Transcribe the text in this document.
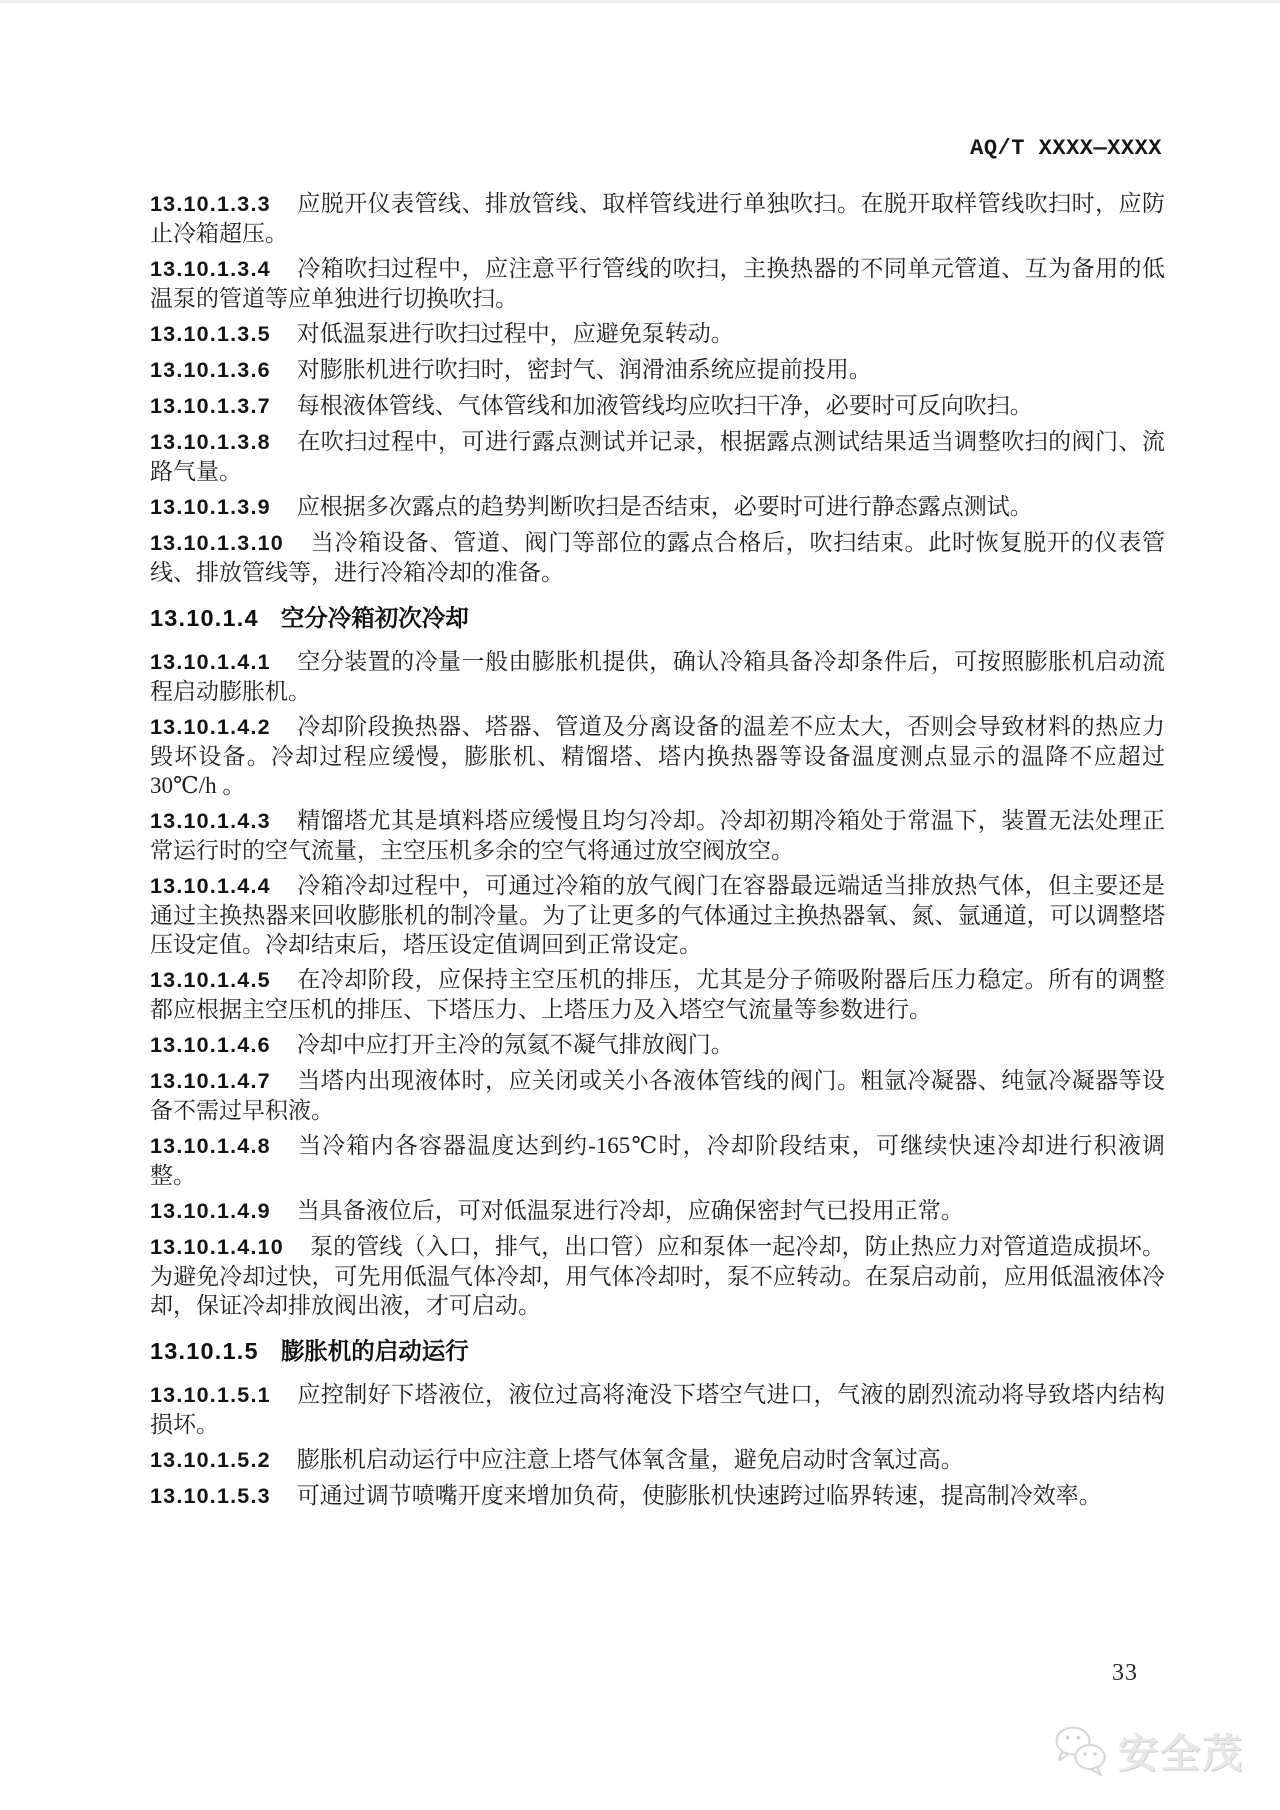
AQ/T XXXX—XXXX

13.10.1.3.3 应脱开仪表管线、排放管线、取样管线进行单独吹扫。在脱开取样管线吹扫时，应防止冷箱超压。

13.10.1.3.4 冷箱吹扫过程中，应注意平行管线的吹扫，主换热器的不同单元管道、互为备用的低温泵的管道等应单独进行切换吹扫。

13.10.1.3.5 对低温泵进行吹扫过程中，应避免泵转动。

13.10.1.3.6 对膨胀机进行吹扫时，密封气、润滑油系统应提前投用。

13.10.1.3.7 每根液体管线、气体管线和加液管线均应吹扫干净，必要时可反向吹扫。

13.10.1.3.8 在吹扫过程中，可进行露点测试并记录，根据露点测试结果适当调整吹扫的阀门、流路气量。

13.10.1.3.9 应根据多次露点的趋势判断吹扫是否结束，必要时可进行静态露点测试。

13.10.1.3.10 当冷箱设备、管道、阀门等部位的露点合格后，吹扫结束。此时恢复脱开的仪表管线、排放管线等，进行冷箱冷却的准备。

13.10.1.4 空分冷箱初次冷却

13.10.1.4.1 空分装置的冷量一般由膨胀机提供，确认冷箱具备冷却条件后，可按照膨胀机启动流程启动膨胀机。

13.10.1.4.2 冷却阶段换热器、塔器、管道及分离设备的温差不应太大，否则会导致材料的热应力毁坏设备。冷却过程应缓慢，膨胀机、精馏塔、塔内换热器等设备温度测点显示的温降不应超过 30℃/h 。

13.10.1.4.3 精馏塔尤其是填料塔应缓慢且均匀冷却。冷却初期冷箱处于常温下，装置无法处理正常运行时的空气流量，主空压机多余的空气将通过放空阀放空。

13.10.1.4.4 冷箱冷却过程中，可通过冷箱的放气阀门在容器最远端适当排放热气体，但主要还是通过主换热器来回收膨胀机的制冷量。为了让更多的气体通过主换热器氧、氮、氩通道，可以调整塔压设定值。冷却结束后，塔压设定值调回到正常设定。

13.10.1.4.5 在冷却阶段，应保持主空压机的排压，尤其是分子筛吸附器后压力稳定。所有的调整都应根据主空压机的排压、下塔压力、上塔压力及入塔空气流量等参数进行。

13.10.1.4.6 冷却中应打开主冷的氖氦不凝气排放阀门。

13.10.1.4.7 当塔内出现液体时，应关闭或关小各液体管线的阀门。粗氩冷凝器、纯氩冷凝器等设备不需过早积液。

13.10.1.4.8 当冷箱内各容器温度达到约-165℃时，冷却阶段结束，可继续快速冷却进行积液调整。

13.10.1.4.9 当具备液位后，可对低温泵进行冷却，应确保密封气已投用正常。

13.10.1.4.10 泵的管线（入口，排气，出口管）应和泵体一起冷却，防止热应力对管道造成损坏。为避免冷却过快，可先用低温气体冷却，用气体冷却时，泵不应转动。在泵启动前，应用低温液体冷却，保证冷却排放阀出液，才可启动。

13.10.1.5 膨胀机的启动运行

13.10.1.5.1 应控制好下塔液位，液位过高将淹没下塔空气进口，气液的剧烈流动将导致塔内结构损坏。

13.10.1.5.2 膨胀机启动运行中应注意上塔气体氧含量，避免启动时含氧过高。

13.10.1.5.3 可通过调节喷嘴开度来增加负荷，使膨胀机快速跨过临界转速，提高制冷效率。

33
安全茂
